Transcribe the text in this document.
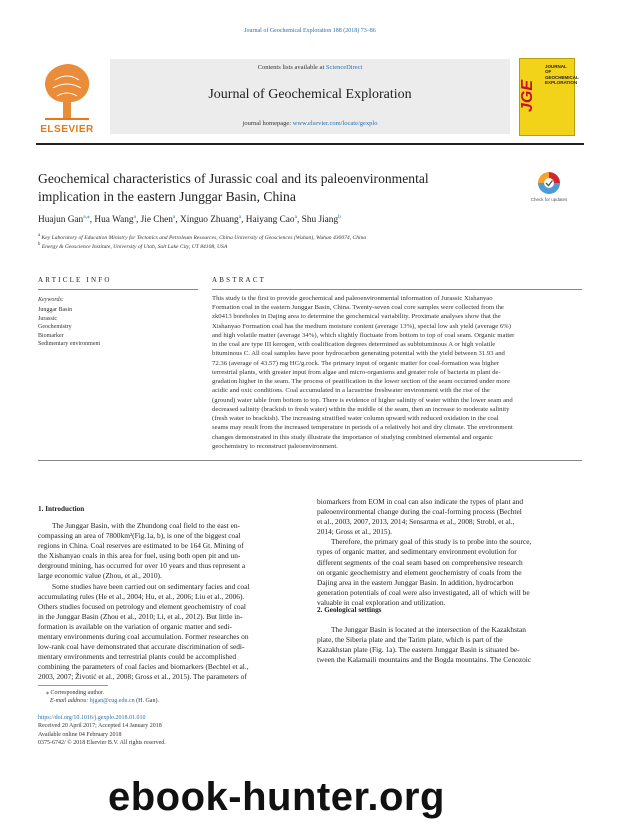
Journal of Geochemical Exploration 188 (2018) 73–86
ELSEVIER
Contents lists available at ScienceDirect
Journal of Geochemical Exploration
journal homepage: www.elsevier.com/locate/gexplo
JGE
JOURNAL OF
GEOCHEMICAL
EXPLORATION
Geochemical characteristics of Jurassic coal and its paleoenvironmental
implication in the eastern Junggar Basin, China	Check for updates
Huajun Gan$^{a,⁎}$, Hua Wang$^a$, Jie Chen$^a$, Xinguo Zhuang$^a$, Haiyang Cao$^a$, Shu Jiang$^b$
$^a$ Key Laboratory of Education Ministry for Tectonics and Petroleum Resources, China University of Geosciences (Wuhan), Wuhan 430074, China
$^b$ Energy & Geoscience Institute, University of Utah, Salt Lake City, UT 84108, USA
ARTICLE INFO	ABSTRACT
Keywords:
Junggar Basin
Jurassic
Geochemistry
Biomarker
Sedimentary environment
This study is the first to provide geochemical and paleoenvironmental information of Jurassic Xishanyao
Formation coal in the eastern Junggar Basin, China. Twenty-seven coal core samples were collected from the
zk0413 boreholes in Dajing area to determine the geochemical variability. Proximate analyses show that the
Xishanyao Formation coal has the medium moisture content (average 13%), special low ash yield (average 6%)
and high volatile matter (average 34%), which slightly fluctuate from bottom to top of coal seam. Organic matter
in the coal are type III kerogen, with coalification degrees determined as subbituminous A or high volatile
bituminous C. All coal samples have poor hydrocarbon generating potential with the yield between 31.93 and
72.36 (average of 43.57) mg HC/g.rock. The primary input of organic matter for coal-formation was higher
terrestrial plants, with greater input from algae and micro-organisms and greater role of bacteria in plant de-
gradation higher in the seam. The process of peatification in the lower section of the seam occurred under more
acidic and oxic conditions. Coal accumulated in a lacustrine freshwater environment with the rise of the
(ground) water table from bottom to top. There is evidence of higher salinity of water within the lower seam and
decreased salinity (brackish to fresh water) within the middle of the seam, then an increase to moderate salinity
(fresh water to brackish). The increasing stratified water column upward with reduced oxidation in the coal
seams may result from the increased temperature in periods of a relatively hot and dry climate. The environment
changes demonstrated in this study illustrate the importance of studying combined elemental and organic
geochemistry to reconstruct paleoenvironment.
1. Introduction
The Junggar Basin, with the Zhundong coal field to the east en-
compassing an area of 7800km²(Fig.1a, b), is one of the biggest coal
regions in China. Coal reserves are estimated to be 164 Gt. Mining of
the Xishanyao coals in this area for fuel, using both open pit and un-
derground mining, has occurred for over 10 years and thus represent a
large economic value (Zhou, et al., 2010).
Some studies have been carried out on sedimentary facies and coal
accumulating rules (He et al., 2004; Hu, et al., 2006; Liu et al., 2006).
Others studies focused on petrology and element geochemistry of coal
in the Junggar Basin (Zhou et al., 2010; Li, et al., 2012). But little in-
formation is available on the variation of organic matter and sedi-
mentary environments during coal accumulation. Former researches on
low-rank coal have demonstrated that accurate discrimination of sedi-
mentary environments and terrestrial plants could be accomplished
combining the parameters of coal facies and biomarkers (Bechtel et al.,
2003, 2007; Životić et al., 2008; Gross et al., 2015). The parameters of
biomarkers from EOM in coal can also indicate the types of plant and
paleoenvironmental change during the coal-forming process (Bechtel
et al., 2003, 2007, 2013, 2014; Sensarma et al., 2008; Strobl, et al.,
2014; Gross et al., 2015).
Therefore, the primary goal of this study is to probe into the source,
types of organic matter, and sedimentary environment evolution for
different segments of the coal seam based on comprehensive research
on organic geochemistry and element geochemistry of coals from the
Dajing area in the eastern Junggar Basin. In addition, hydrocarbon
generation potentials of coal were also investigated, all of which will be
valuable in coal exploration and utilization.
2. Geological settings
The Junggar Basin is located at the intersection of the Kazakhstan
plate, the Siberia plate and the Tarim plate, which is part of the
Kazakhstan plate (Fig. 1a). The eastern Junggar Basin is situated be-
tween the Kalamaili mountains and the Bogda mountains. The Cenozoic
⁎ Corresponding author.
E-mail address: hjgan@cug.edu.cn (H. Gan).
https://doi.org/10.1016/j.gexplo.2018.01.010
Received 20 April 2017; Accepted 14 January 2018
Available online 04 February 2018
0375-6742/ © 2018 Elsevier B.V. All rights reserved.
ebook-hunter.org
